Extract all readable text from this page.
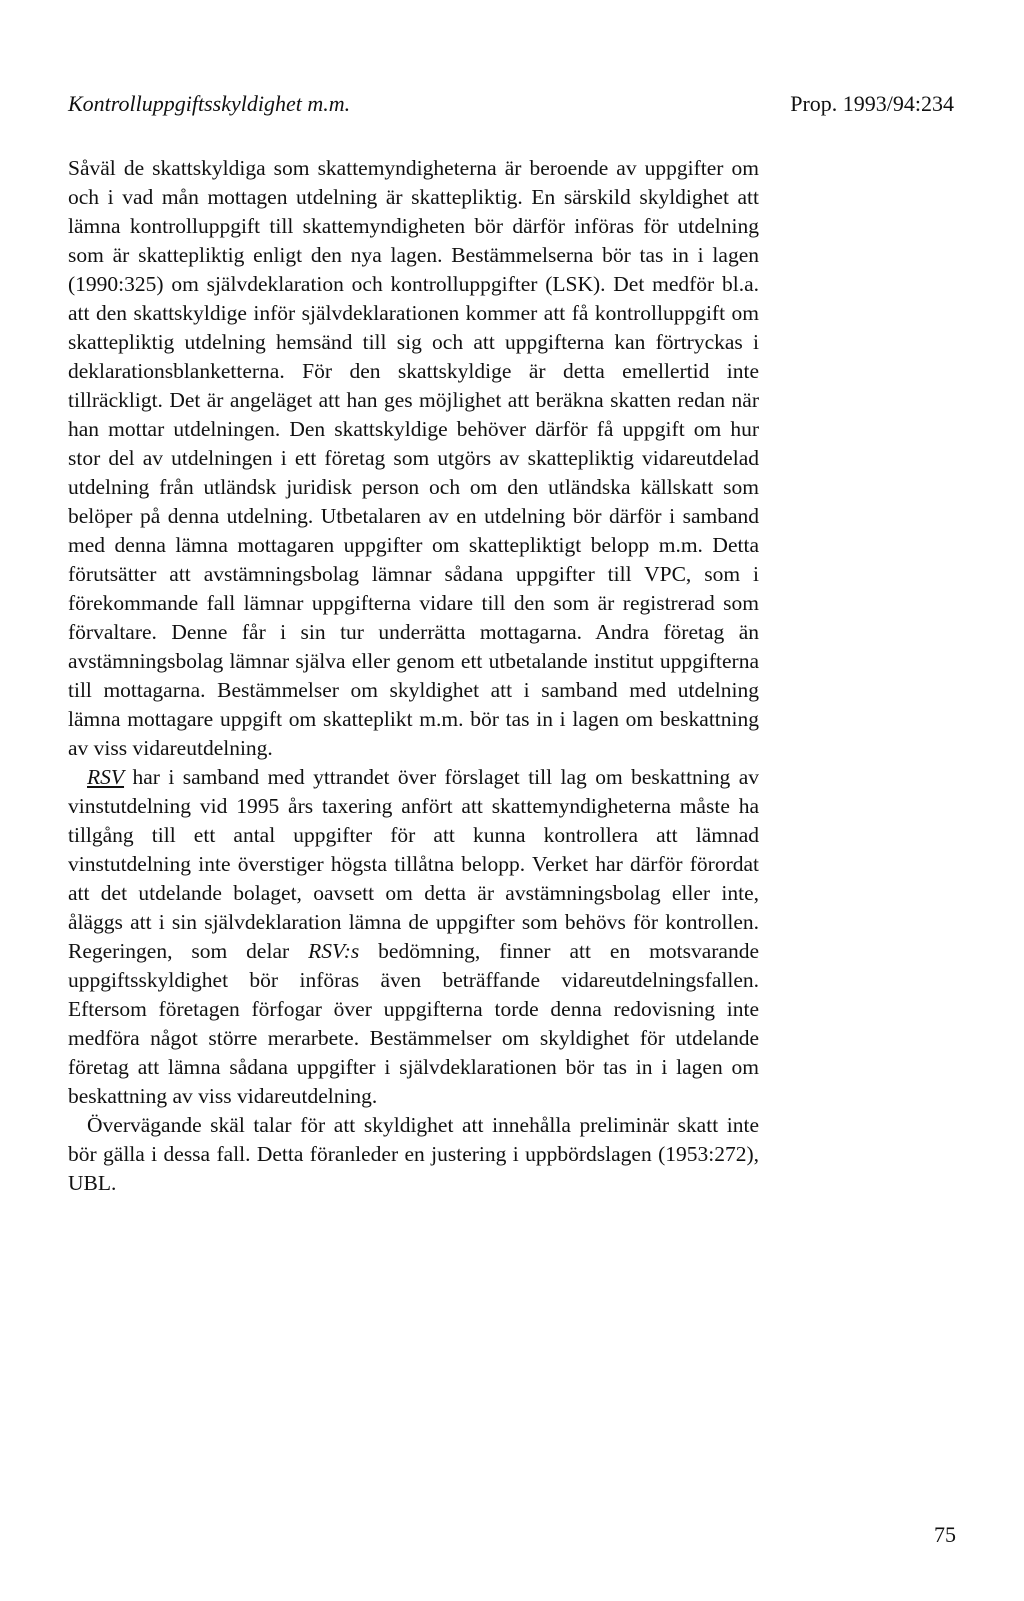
Kontrolluppgiftsskyldighet m.m.	Prop. 1993/94:234

Såväl de skattskyldiga som skattemyndigheterna är beroende av uppgifter om och i vad mån mottagen utdelning är skattepliktig. En särskild skyldighet att lämna kontrolluppgift till skattemyndigheten bör därför införas för utdelning som är skattepliktig enligt den nya lagen. Bestämmelserna bör tas in i lagen (1990:325) om självdeklaration och kontrolluppgifter (LSK). Det medför bl.a. att den skattskyldige inför självdeklarationen kommer att få kontrolluppgift om skattepliktig utdelning hemsänd till sig och att uppgifterna kan förtryckas i deklarationsblanketterna. För den skattskyldige är detta emellertid inte tillräckligt. Det är angeläget att han ges möjlighet att beräkna skatten redan när han mottar utdelningen. Den skattskyldige behöver därför få uppgift om hur stor del av utdelningen i ett företag som utgörs av skattepliktig vidareutdelad utdelning från utländsk juridisk person och om den utländska källskatt som belöper på denna utdelning. Utbetalaren av en utdelning bör därför i samband med denna lämna mottagaren uppgifter om skattepliktigt belopp m.m. Detta förutsätter att avstämningsbolag lämnar sådana uppgifter till VPC, som i förekommande fall lämnar uppgifterna vidare till den som är registrerad som förvaltare. Denne får i sin tur underrätta mottagarna. Andra företag än avstämningsbolag lämnar själva eller genom ett utbetalande institut uppgifterna till mottagarna. Bestämmelser om skyldighet att i samband med utdelning lämna mottagare uppgift om skatteplikt m.m. bör tas in i lagen om beskattning av viss vidareutdelning.

RSV har i samband med yttrandet över förslaget till lag om beskattning av vinstutdelning vid 1995 års taxering anfört att skattemyndigheterna måste ha tillgång till ett antal uppgifter för att kunna kontrollera att lämnad vinstutdelning inte överstiger högsta tillåtna belopp. Verket har därför förordat att det utdelande bolaget, oavsett om detta är avstämningsbolag eller inte, åläggs att i sin självdeklaration lämna de uppgifter som behövs för kontrollen. Regeringen, som delar RSV:s bedömning, finner att en motsvarande uppgiftsskyldighet bör införas även beträffande vidareutdelningsfallen. Eftersom företagen förfogar över uppgifterna torde denna redovisning inte medföra något större merarbete. Bestämmelser om skyldighet för utdelande företag att lämna sådana uppgifter i självdeklarationen bör tas in i lagen om beskattning av viss vidareutdelning.

Övervägande skäl talar för att skyldighet att innehålla preliminär skatt inte bör gälla i dessa fall. Detta föranleder en justering i uppbördslagen (1953:272), UBL.

75
